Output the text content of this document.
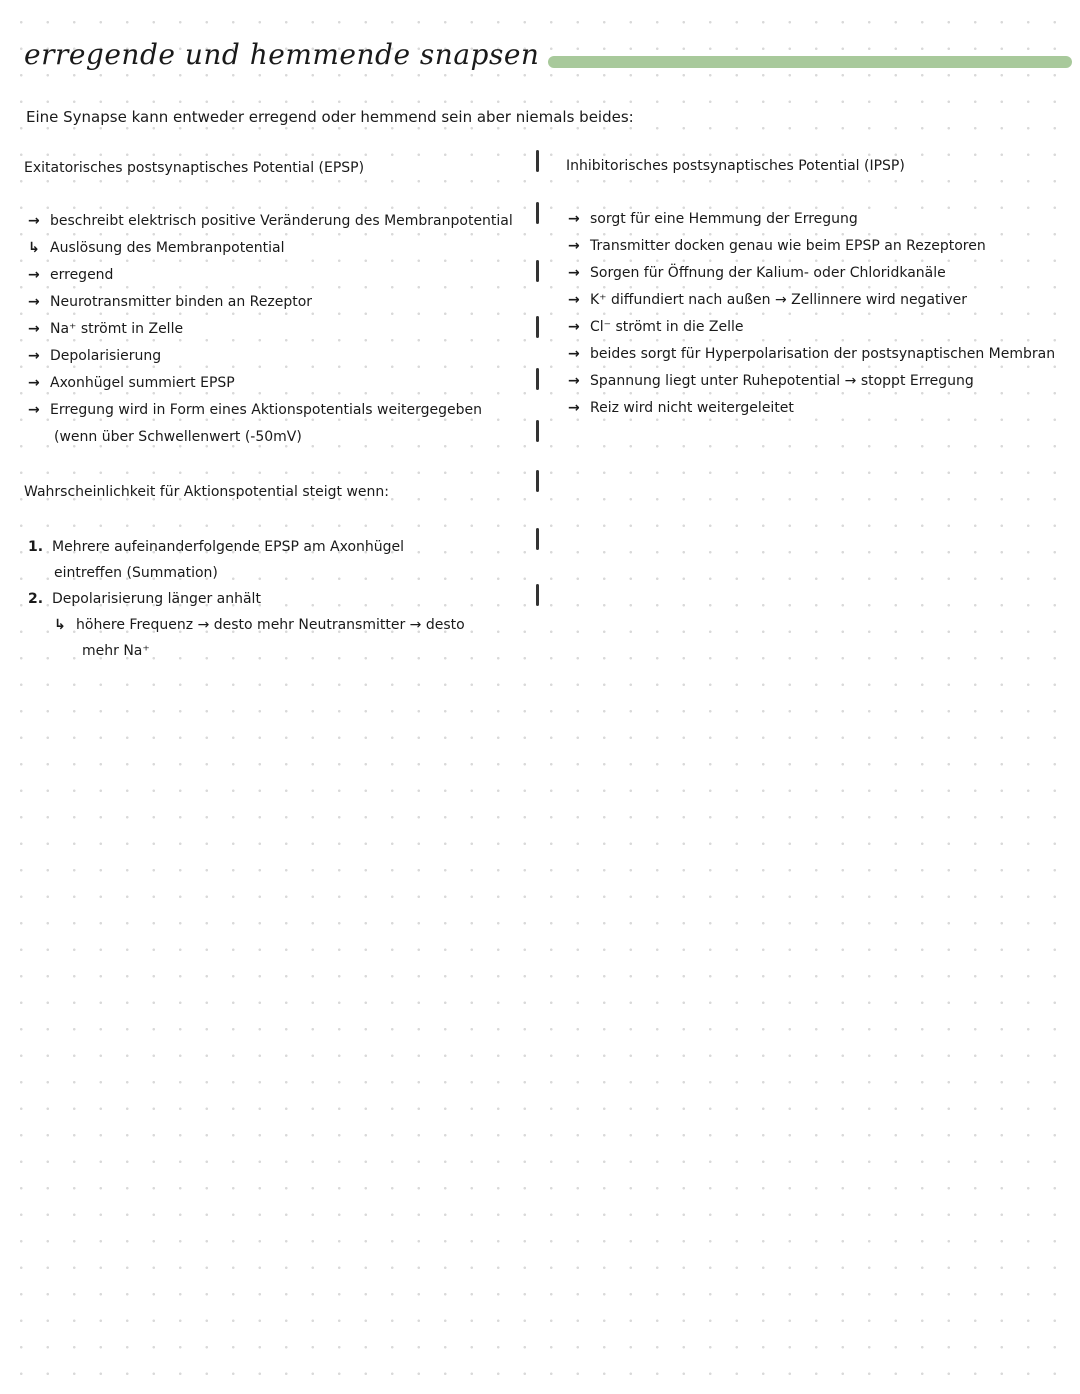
erregende und hemmende snapsen
Eine Synapse kann entweder erregend oder hemmend sein aber niemals beides:
Exitatorisches postsynaptisches Potential (EPSP)
→ beschreibt elektrisch positive Veränderung des Membranpotential
↳ Auslösung des Membranpotential
→ erregend
→ Neurotransmitter binden an Rezeptor
→ Na⁺ strömt in Zelle
→ Depolarisierung
→ Axonhügel summiert EPSP
→ Erregung wird in Form eines Aktionspotentials weitergegeben
(wenn über Schwellenwert (-50mV)
Wahrscheinlichkeit für Aktionspotential steigt wenn:
1. Mehrere aufeinanderfolgende EPSP am Axonhügel
eintreffen (Summation)
2. Depolarisierung länger anhält
↳ höhere Frequenz → desto mehr Neutransmitter → desto
mehr Na⁺
Inhibitorisches postsynaptisches Potential (IPSP)
→ sorgt für eine Hemmung der Erregung
→ Transmitter docken genau wie beim EPSP an Rezeptoren
→ Sorgen für Öffnung der Kalium- oder Chloridkanäle
→ K⁺ diffundiert nach außen → Zellinnere wird negativer
→ Cl⁻ strömt in die Zelle
→ beides sorgt für Hyperpolarisation der postsynaptischen Membran
→ Spannung liegt unter Ruhepotential → stoppt Erregung
→ Reiz wird nicht weitergeleitet
